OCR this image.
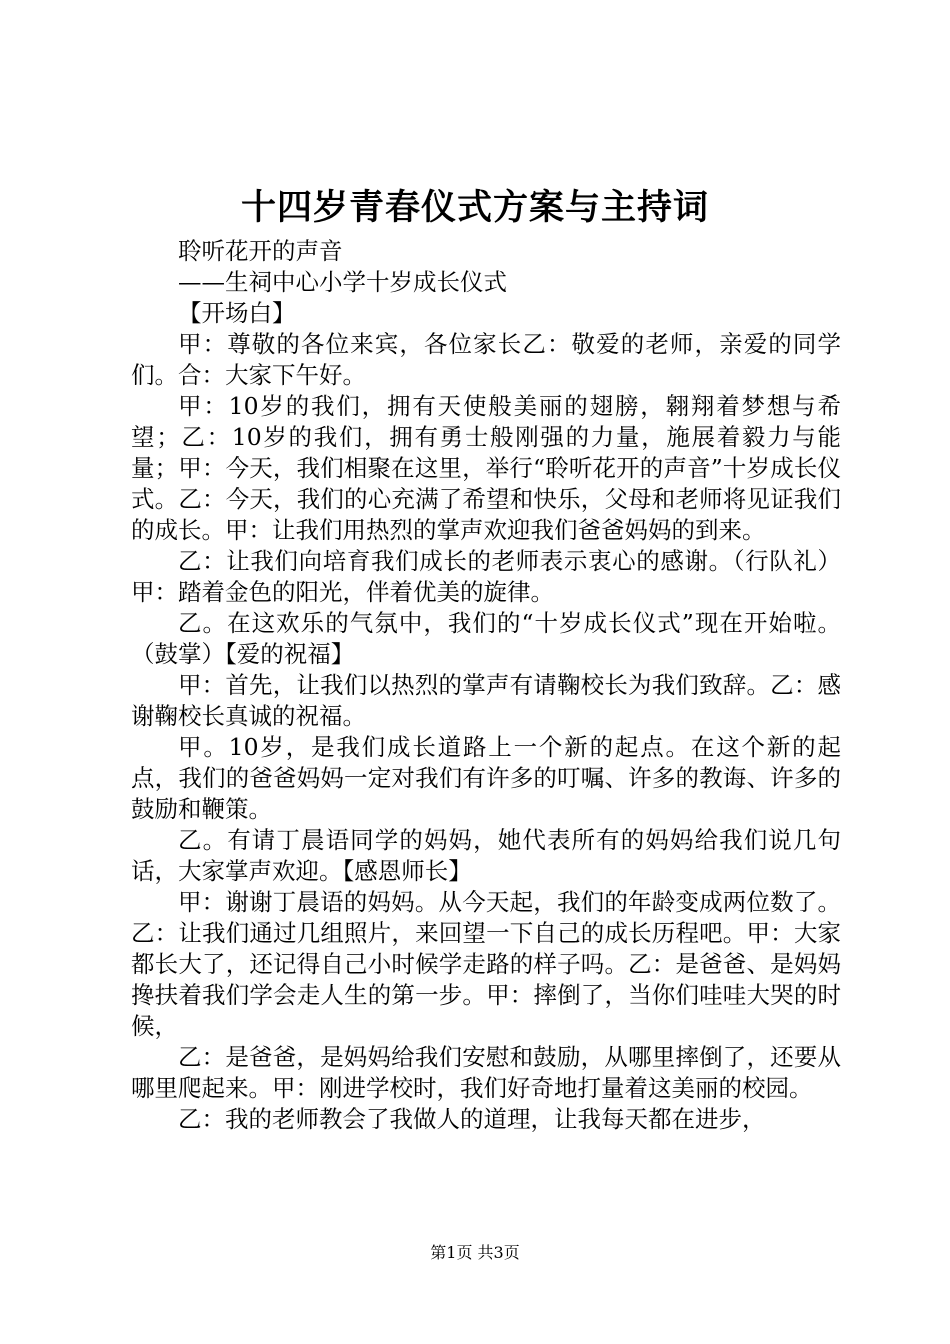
十四岁青春仪式方案与主持词

聆听花开的声音

——生祠中心小学十岁成长仪式

【开场白】

甲：尊敬的各位来宾，各位家长乙：敬爱的老师，亲爱的同学们。合：大家下午好。

甲：10岁的我们，拥有天使般美丽的翅膀，翱翔着梦想与希望；乙：10岁的我们，拥有勇士般刚强的力量，施展着毅力与能量；甲：今天，我们相聚在这里，举行“聆听花开的声音”十岁成长仪式。乙：今天，我们的心充满了希望和快乐，父母和老师将见证我们的成长。甲：让我们用热烈的掌声欢迎我们爸爸妈妈的到来。

乙：让我们向培育我们成长的老师表示衷心的感谢。（行队礼）甲：踏着金色的阳光，伴着优美的旋律。

乙。在这欢乐的气氛中，我们的“十岁成长仪式”现在开始啦。（鼓掌）【爱的祝福】

甲：首先，让我们以热烈的掌声有请鞠校长为我们致辞。乙：感谢鞠校长真诚的祝福。

甲。10岁，是我们成长道路上一个新的起点。在这个新的起点，我们的爸爸妈妈一定对我们有许多的叮嘱、许多的教诲、许多的鼓励和鞭策。

乙。有请丁晨语同学的妈妈，她代表所有的妈妈给我们说几句话，大家掌声欢迎。【感恩师长】

甲：谢谢丁晨语的妈妈。从今天起，我们的年龄变成两位数了。乙：让我们通过几组照片，来回望一下自己的成长历程吧。甲：大家都长大了，还记得自己小时候学走路的样子吗。乙：是爸爸、是妈妈搀扶着我们学会走人生的第一步。甲：摔倒了，当你们哇哇大哭的时候，

乙：是爸爸，是妈妈给我们安慰和鼓励，从哪里摔倒了，还要从哪里爬起来。甲：刚进学校时，我们好奇地打量着这美丽的校园。

乙：我的老师教会了我做人的道理，让我每天都在进步，

第1页 共3页
